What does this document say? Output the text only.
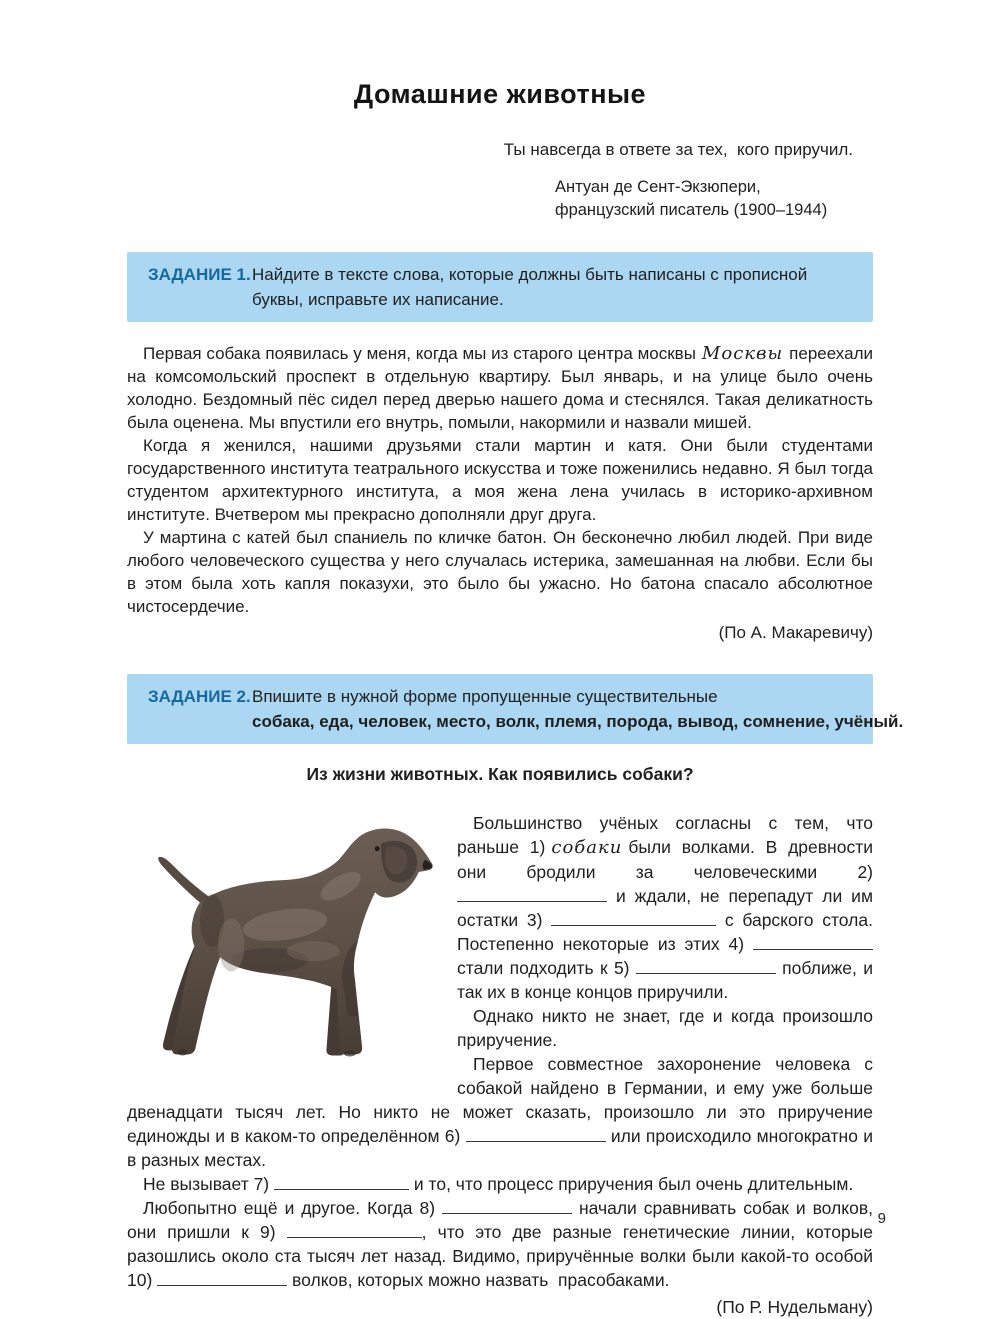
Домашние животные
Ты навсегда в ответе за тех,  кого приручил.
Антуан де Сент-Экзюпери,
французский писатель (1900–1944)
ЗАДАНИЕ 1. Найдите в тексте слова, которые должны быть написаны с прописной буквы, исправьте их написание.

Первая собака появилась у меня, когда мы из старого центра москвы Москвы переехали на комсомольский проспект в отдельную квартиру. Был январь, и на улице было очень холодно. Бездомный пёс сидел перед дверью нашего дома и стеснялся. Такая деликатность была оценена. Мы впустили его внутрь, помыли, накормили и назвали мишей.

Когда я женился, нашими друзьями стали мартин и катя. Они были студентами государственного института театрального искусства и тоже поженились недавно. Я был тогда студентом архитектурного института, а моя жена лена училась в историко-архивном институте. Вчетвером мы прекрасно дополняли друг друга.

У мартина с катей был спаниель по кличке батон. Он бесконечно любил людей. При виде любого человеческого существа у него случалась истерика, замешанная на любви. Если бы в этом была хоть капля показухи, это было бы ужасно. Но батона спасало абсолютное чистосердечие.

(По А. Макаревичу)
ЗАДАНИЕ 2. Впишите в нужной форме пропущенные существительные
собака, еда, человек, место, волк, племя, порода, вывод, сомнение, учёный.
Из жизни животных. Как появились собаки?

Большинство учёных согласны с тем, что раньше 1) собаки были волками. В древности они бродили за человеческими 2)  и ждали, не перепадут ли им остатки 3)	с барского стола. Постепенно некоторые из этих 4)  стали подходить к 5)	поближе, и так их в конце концов приручили.

Однако никто не знает, где и когда произошло приручение.

Первое совместное захоронение человека с собакой найдено в Германии, и ему уже больше двенадцати тысяч лет. Но никто не может сказать, произошло ли это приручение единожды и в каком-то определённом 6)	или происходило многократно и в разных местах.

Не вызывает 7)	и то, что процесс приручения был очень длительным.

Любопытно ещё и другое. Когда 8)	начали сравнивать собак и волков, они пришли к 9)	, что это две разные генетические линии, которые разошлись около ста тысяч лет назад. Видимо, приручённые волки были какой-то особой 10)	волков, которых можно назвать  прасобаками.

(По Р. Нудельману)
9
